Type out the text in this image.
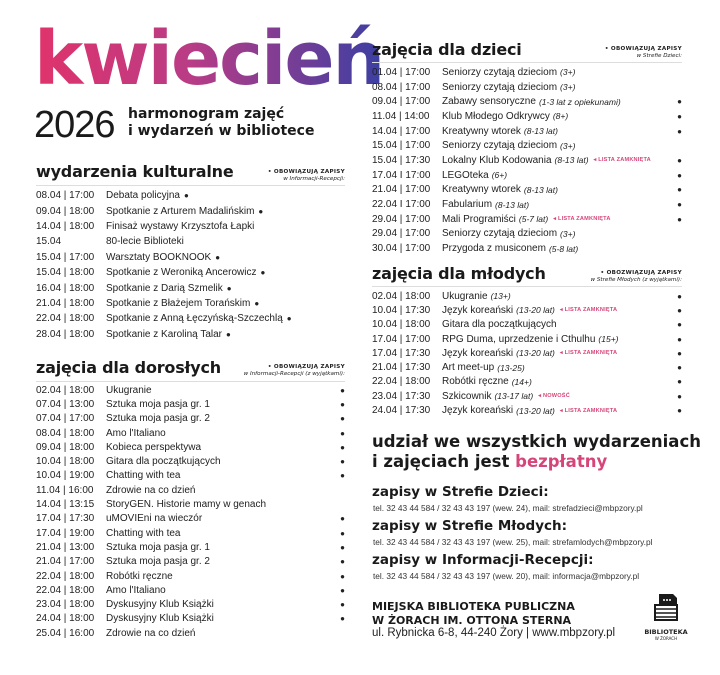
kwiecień
2026 harmonogram zajęć
i wydarzeń w bibliotece
wydarzenia kulturalne	• OBOWIĄZUJĄ ZAPISY
w Informacji-Recepcji:
08.04 | 17:00	Debata policyjna ●
09.04 | 18:00	Spotkanie z Arturem Madalińskim ●
14.04 | 18:00	Finisaż wystawy Krzysztofa Łapki
15.04	80-lecie Biblioteki
15.04 | 17:00	Warsztaty BOOKNOOK ●
15.04 | 18:00	Spotkanie z Weroniką Ancerowicz ●
16.04 | 18:00	Spotkanie z Darią Szmelik ●
21.04 | 18:00	Spotkanie z Błażejem Torańskim ●
22.04 | 18:00	Spotkanie z Anną Łęczyńską-Szczechlą ●
28.04 | 18:00	Spotkanie z Karoliną Talar ●
zajęcia dla dorosłych	• OBOWIĄZUJĄ ZAPISY
w Informacji-Recepcji (z wyjątkami):
02.04 | 18:00	Ukugranie	●
07.04 | 13:00	Sztuka moja pasja gr. 1	●
07.04 | 17:00	Sztuka moja pasja gr. 2	●
08.04 | 18:00	Amo l'Italiano	●
09.04 | 18:00	Kobieca perspektywa	●
10.04 | 18:00	Gitara dla początkujących	●
10.04 | 19:00	Chatting with tea	●
11.04 | 16:00	Zdrowie na co dzień
14.04 | 13:15	StoryGEN. Historie mamy w genach
17.04 | 17:30	uMOVIEni na wieczór	●
17.04 | 19:00	Chatting with tea	●
21.04 | 13:00	Sztuka moja pasja gr. 1	●
21.04 | 17:00	Sztuka moja pasja gr. 2	●
22.04 | 18:00	Robótki ręczne	●
22.04 | 18:00	Amo l'Italiano	●
23.04 | 18:00	Dyskusyjny Klub Książki	●
24.04 | 18:00	Dyskusyjny Klub Książki	●
25.04 | 16:00	Zdrowie na co dzień
zajęcia dla dzieci	• OBOWIĄZUJĄ ZAPISY
w Strefie Dzieci:
01.04 | 17:00	Seniorzy czytają dzieciom (3+)
08.04 | 17:00	Seniorzy czytają dzieciom (3+)
09.04 | 17:00	Zabawy sensoryczne (1-3 lat z opiekunami)	●
11.04 | 14:00	Klub Młodego Odkrywcy (8+)	●
14.04 | 17:00	Kreatywny wtorek (8-13 lat)	●
15.04 | 17:00	Seniorzy czytają dzieciom (3+)
15.04 | 17:30	Lokalny Klub Kodowania (8-13 lat) ◂ LISTA ZAMKNIĘTA	●
17.04 I 17:00	LEGOteka (6+)	●
21.04 | 17:00	Kreatywny wtorek (8-13 lat)	●
22.04 I 17:00	Fabularium (8-13 lat)	●
29.04 | 17:00	Mali Programiści (5-7 lat) ◂ LISTA ZAMKNIĘTA	●
29.04 | 17:00	Seniorzy czytają dzieciom (3+)
30.04 | 17:00	Przygoda z musiconem (5-8 lat)
zajęcia dla młodych	• OBOZWIĄZUJĄ ZAPISY
w Strefie Młodych (z wyjątkami):
02.04 | 18:00	Ukugranie (13+)	●
10.04 | 17:30	Język koreański (13-20 lat) ◂ LISTA ZAMKNIĘTA	●
10.04 | 18:00	Gitara dla początkujących	●
17.04 | 17:00	RPG Duma, uprzedzenie i Cthulhu (15+)	●
17.04 | 17:30	Język koreański (13-20 lat) ◂ LISTA ZAMKNIĘTA	●
21.04 | 17:30	Art meet-up (13-25)	●
22.04 | 18:00	Robótki ręczne (14+)	●
23.04 | 17:30	Szkicownik (13-17 lat) ◂ NOWOŚĆ	●
24.04 | 17:30	Język koreański (13-20 lat) ◂ LISTA ZAMKNIĘTA	●
udział we wszystkich wydarzeniach
i zajęciach jest bezpłatny
zapisy w Strefie Dzieci:
tel. 32 43 44 584 / 32 43 43 197 (wew. 24), mail: strefadzieci@mbpzory.pl
zapisy w Strefie Młodych:
tel. 32 43 44 584 / 32 43 43 197 (wew. 25), mail: strefamlodych@mbpzory.pl
zapisy w Informacji-Recepcji:
tel. 32 43 44 584 / 32 43 43 197 (wew. 20), mail: informacja@mbpzory.pl
MIEJSKA BIBLIOTEKA PUBLICZNA
W ŻORACH IM. OTTONA STERNA
ul. Rybnicka 6-8, 44-240 Żory | www.mbpzory.pl	BIBLIOTEKA
W ŻORACH
